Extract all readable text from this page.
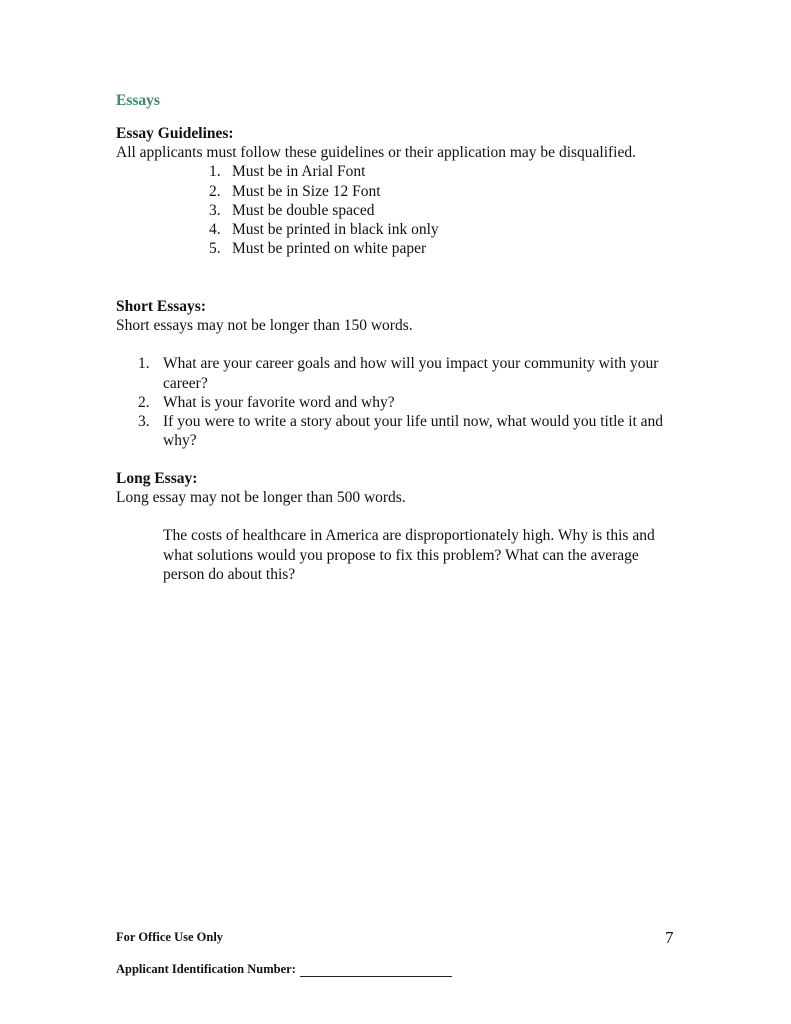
Essays
Essay Guidelines:
All applicants must follow these guidelines or their application may be disqualified.
1. Must be in Arial Font
2. Must be in Size 12 Font
3. Must be double spaced
4. Must be printed in black ink only
5. Must be printed on white paper
Short Essays:
Short essays may not be longer than 150 words.
1. What are your career goals and how will you impact your community with your career?
2. What is your favorite word and why?
3. If you were to write a story about your life until now, what would you title it and why?
Long Essay:
Long essay may not be longer than 500 words.
The costs of healthcare in America are disproportionately high. Why is this and what solutions would you propose to fix this problem? What can the average person do about this?
For Office Use Only	7
Applicant Identification Number:
